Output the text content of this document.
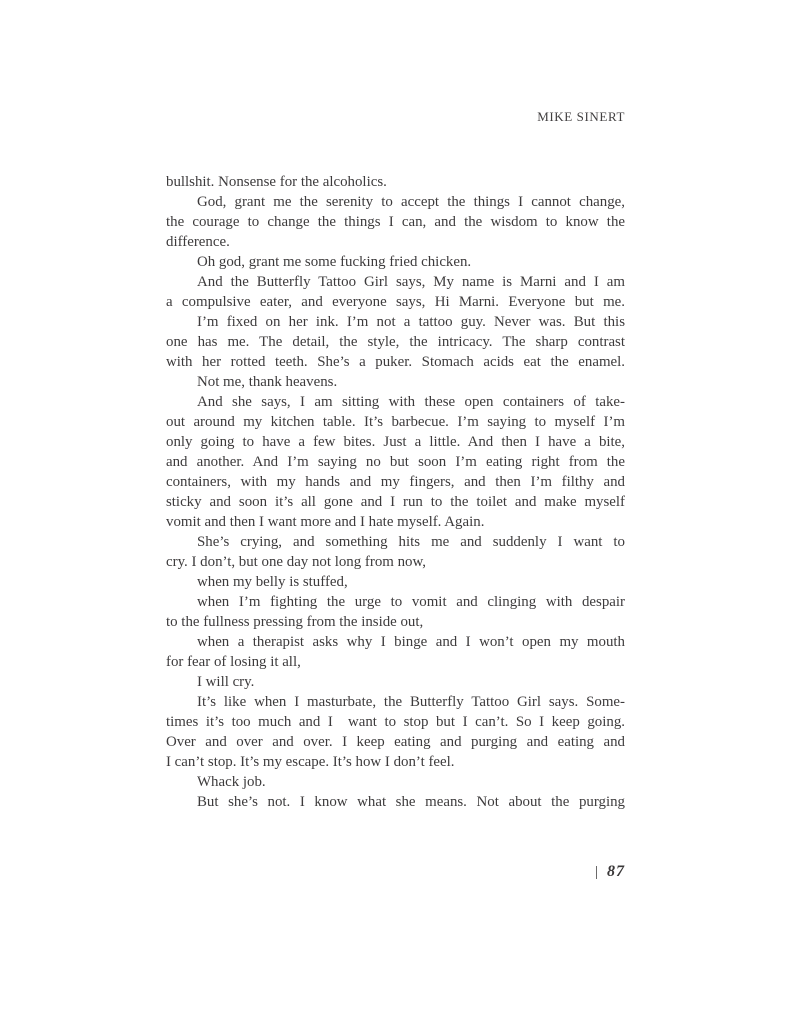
MIKE SINERT
bullshit. Nonsense for the alcoholics.
God, grant me the serenity to accept the things I cannot change,
the courage to change the things I can, and the wisdom to know the
difference.
Oh god, grant me some fucking fried chicken.
And the Butterfly Tattoo Girl says, My name is Marni and I am
a compulsive eater, and everyone says, Hi Marni. Everyone but me.
I’m fixed on her ink. I’m not a tattoo guy. Never was. But this
one has me. The detail, the style, the intricacy. The sharp contrast
with her rotted teeth. She’s a puker. Stomach acids eat the enamel.
Not me, thank heavens.
And she says, I am sitting with these open containers of take-
out around my kitchen table. It’s barbecue. I’m saying to myself I’m
only going to have a few bites. Just a little. And then I have a bite,
and another. And I’m saying no but soon I’m eating right from the
containers, with my hands and my fingers, and then I’m filthy and
sticky and soon it’s all gone and I run to the toilet and make myself
vomit and then I want more and I hate myself. Again.
She’s crying, and something hits me and suddenly I want to
cry. I don’t, but one day not long from now,
when my belly is stuffed,
when I’m fighting the urge to vomit and clinging with despair
to the fullness pressing from the inside out,
when a therapist asks why I binge and I won’t open my mouth
for fear of losing it all,
I will cry.
It’s like when I masturbate, the Butterfly Tattoo Girl says. Some-
times it’s too much and I  want to stop but I can’t. So I keep going.
Over and over and over. I keep eating and purging and eating and
I can’t stop. It’s my escape. It’s how I don’t feel.
Whack job.
But she’s not. I know what she means. Not about the purging
| 87
